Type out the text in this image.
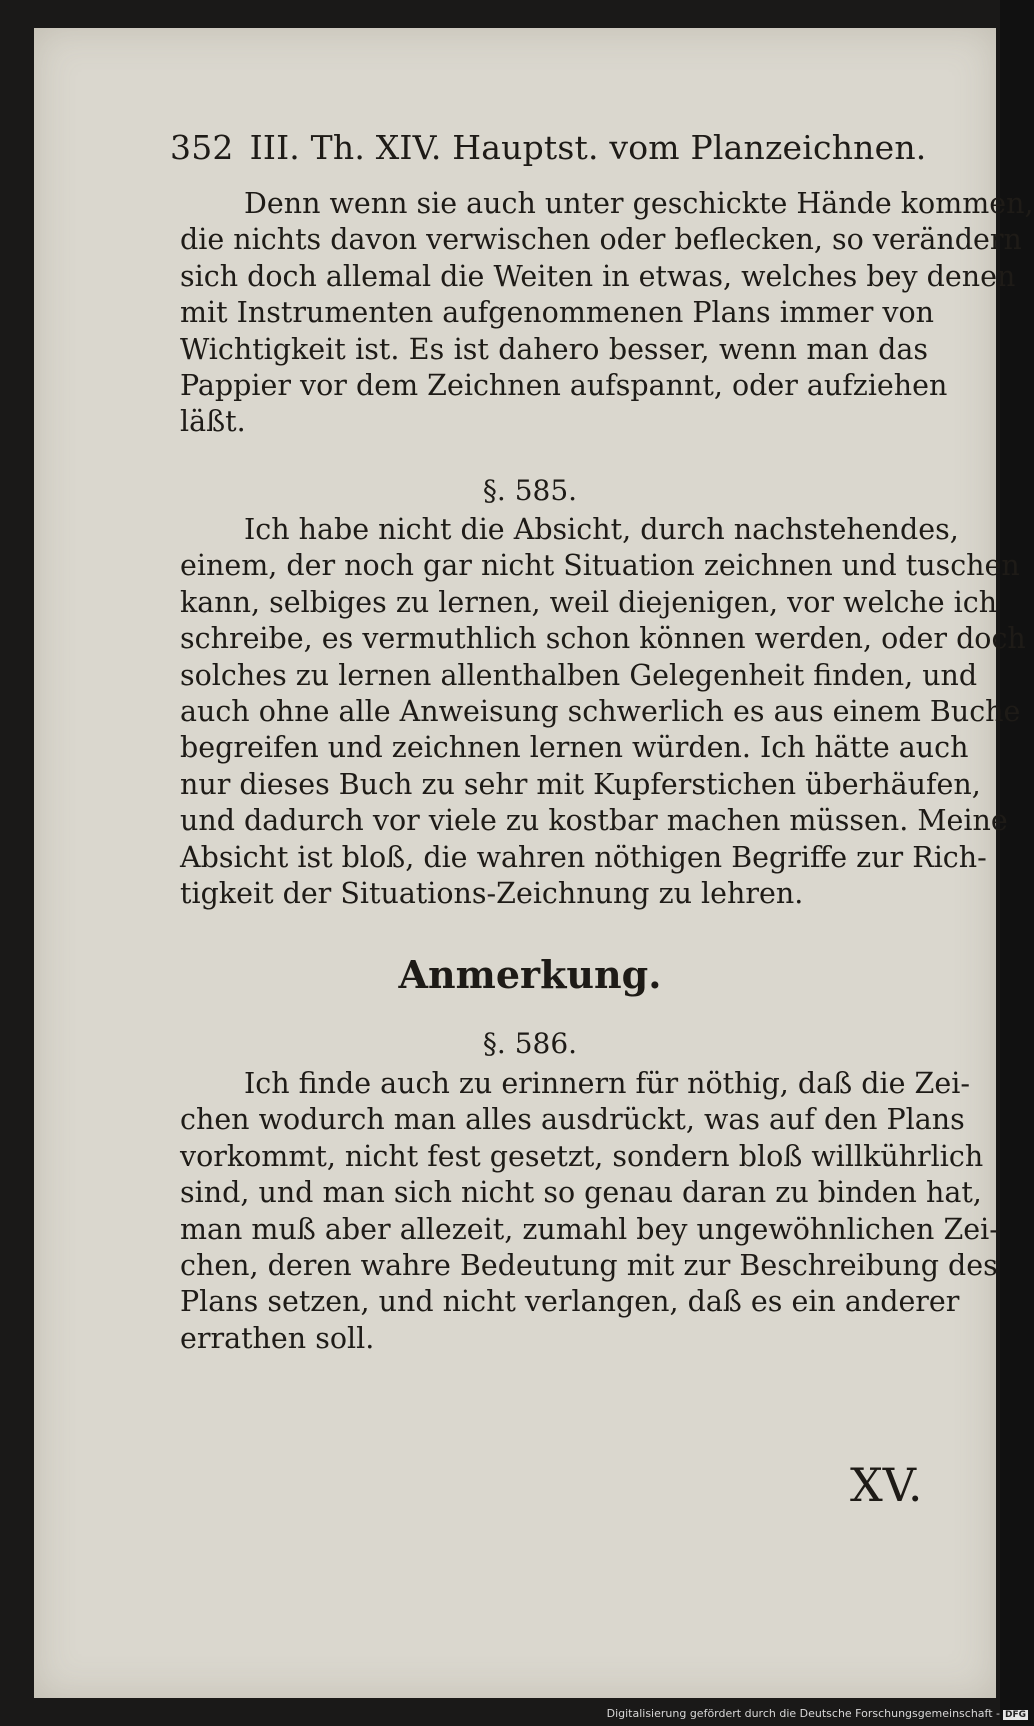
352 III. Th. XIV. Hauptst. vom Planzeichnen.
Denn wenn sie auch unter geschickte Hände kommen,
die nichts davon verwischen oder beflecken, so verändern
sich doch allemal die Weiten in etwas, welches bey denen
mit Instrumenten aufgenommenen Plans immer von
Wichtigkeit ist. Es ist dahero besser, wenn man das
Pappier vor dem Zeichnen aufspannt, oder aufziehen
läßt.
§. 585.
Ich habe nicht die Absicht, durch nachstehendes,
einem, der noch gar nicht Situation zeichnen und tuschen
kann, selbiges zu lernen, weil diejenigen, vor welche ich
schreibe, es vermuthlich schon können werden, oder doch
solches zu lernen allenthalben Gelegenheit finden, und
auch ohne alle Anweisung schwerlich es aus einem Buche
begreifen und zeichnen lernen würden. Ich hätte auch
nur dieses Buch zu sehr mit Kupferstichen überhäufen,
und dadurch vor viele zu kostbar machen müssen. Meine
Absicht ist bloß, die wahren nöthigen Begriffe zur Rich-
tigkeit der Situations-Zeichnung zu lehren.
Anmerkung.
§. 586.
Ich finde auch zu erinnern für nöthig, daß die Zei-
chen wodurch man alles ausdrückt, was auf den Plans
vorkommt, nicht fest gesetzt, sondern bloß willkührlich
sind, und man sich nicht so genau daran zu binden hat,
man muß aber allezeit, zumahl bey ungewöhnlichen Zei-
chen, deren wahre Bedeutung mit zur Beschreibung des
Plans setzen, und nicht verlangen, daß es ein anderer
errathen soll.
XV.
Digitalisierung gefördert durch die Deutsche Forschungsgemeinschaft - DFG
